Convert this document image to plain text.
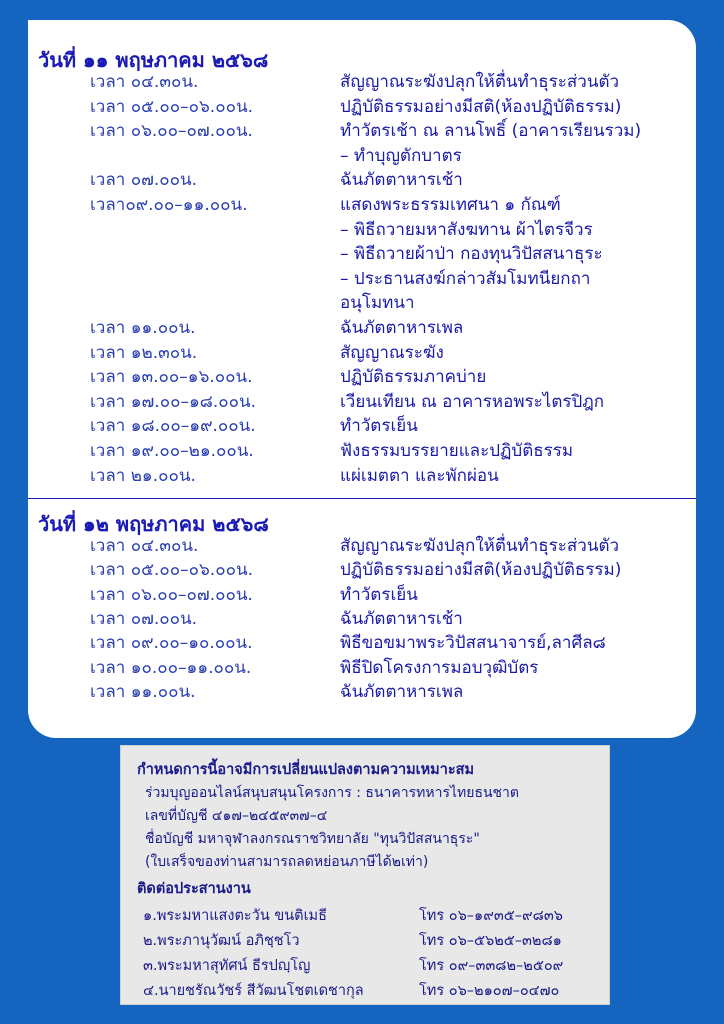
วันที่ ๑๑ พฤษภาคม ๒๕๖๘
เวลา ๐๔.๓๐น.	สัญญาณระฆังปลุกให้ตื่นทำธุระส่วนตัว
เวลา ๐๕.๐๐–๐๖.๐๐น.	ปฏิบัติธรรมอย่างมีสติ(ห้องปฏิบัติธรรม)
เวลา ๐๖.๐๐–๐๗.๐๐น.	ทำวัตรเช้า ณ ลานโพธิ์ (อาคารเรียนรวม)
– ทำบุญตักบาตร
เวลา ๐๗.๐๐น.	ฉันภัตตาหารเช้า
เวลา๐๙.๐๐–๑๑.๐๐น.	แสดงพระธรรมเทศนา ๑ กัณฑ์
– พิธีถวายมหาสังฆทาน ผ้าไตรจีวร
– พิธีถวายผ้าป่า กองทุนวิปัสสนาธุระ
– ประธานสงฆ์กล่าวสัมโมทนียกถา
อนุโมทนา
เวลา ๑๑.๐๐น.	ฉันภัตตาหารเพล
เวลา ๑๒.๓๐น.	สัญญาณระฆัง
เวลา ๑๓.๐๐–๑๖.๐๐น.	ปฏิบัติธรรมภาคบ่าย
เวลา ๑๗.๐๐–๑๘.๐๐น.	เวียนเทียน ณ อาคารหอพระไตรปิฎก
เวลา ๑๘.๐๐–๑๙.๐๐น.	ทำวัตรเย็น
เวลา ๑๙.๐๐–๒๑.๐๐น.	ฟังธรรมบรรยายและปฏิบัติธรรม
เวลา ๒๑.๐๐น.	แผ่เมตตา และพักผ่อน
วันที่ ๑๒ พฤษภาคม ๒๕๖๘
เวลา ๐๔.๓๐น.	สัญญาณระฆังปลุกให้ตื่นทำธุระส่วนตัว
เวลา ๐๕.๐๐–๐๖.๐๐น.	ปฏิบัติธรรมอย่างมีสติ(ห้องปฏิบัติธรรม)
เวลา ๐๖.๐๐–๐๗.๐๐น.	ทำวัตรเย็น
เวลา ๐๗.๐๐น.	ฉันภัตตาหารเช้า
เวลา ๐๙.๐๐–๑๐.๐๐น.	พิธีขอขมาพระวิปัสสนาจารย์,ลาศีล๘
เวลา ๑๐.๐๐–๑๑.๐๐น.	พิธีปิดโครงการมอบวุฒิบัตร
เวลา ๑๑.๐๐น.	ฉันภัตตาหารเพล
กำหนดการนี้อาจมีการเปลี่ยนแปลงตามความเหมาะสม
ร่วมบุญออนไลน์สนุบสนุนโครงการ : ธนาคารทหารไทยธนชาต
เลขที่บัญชี ๔๑๗–๒๔๕๙๓๗–๔
ชื่อบัญชี มหาจุฬาลงกรณราชวิทยาลัย "ทุนวิปัสสนาธุระ"
(ใบเสร็จของท่านสามารถลดหย่อนภาษีได้๒เท่า)
ติดต่อประสานงาน
๑.พระมหาแสงตะวัน ขนติเมธี	โทร ๐๖–๑๙๓๕–๙๘๓๖
๒.พระภานุวัฒน์ อภิชฺชโว	โทร ๐๖–๕๖๒๕–๓๒๘๑
๓.พระมหาสุทัศน์ ธีรปญฺโญ	โทร ๐๙–๓๓๘๒–๒๕๐๙
๔.นายชรัณวัชร์ สีวัฒนโชตเดชากุล	โทร ๐๖–๒๑๐๗–๐๔๗๐
